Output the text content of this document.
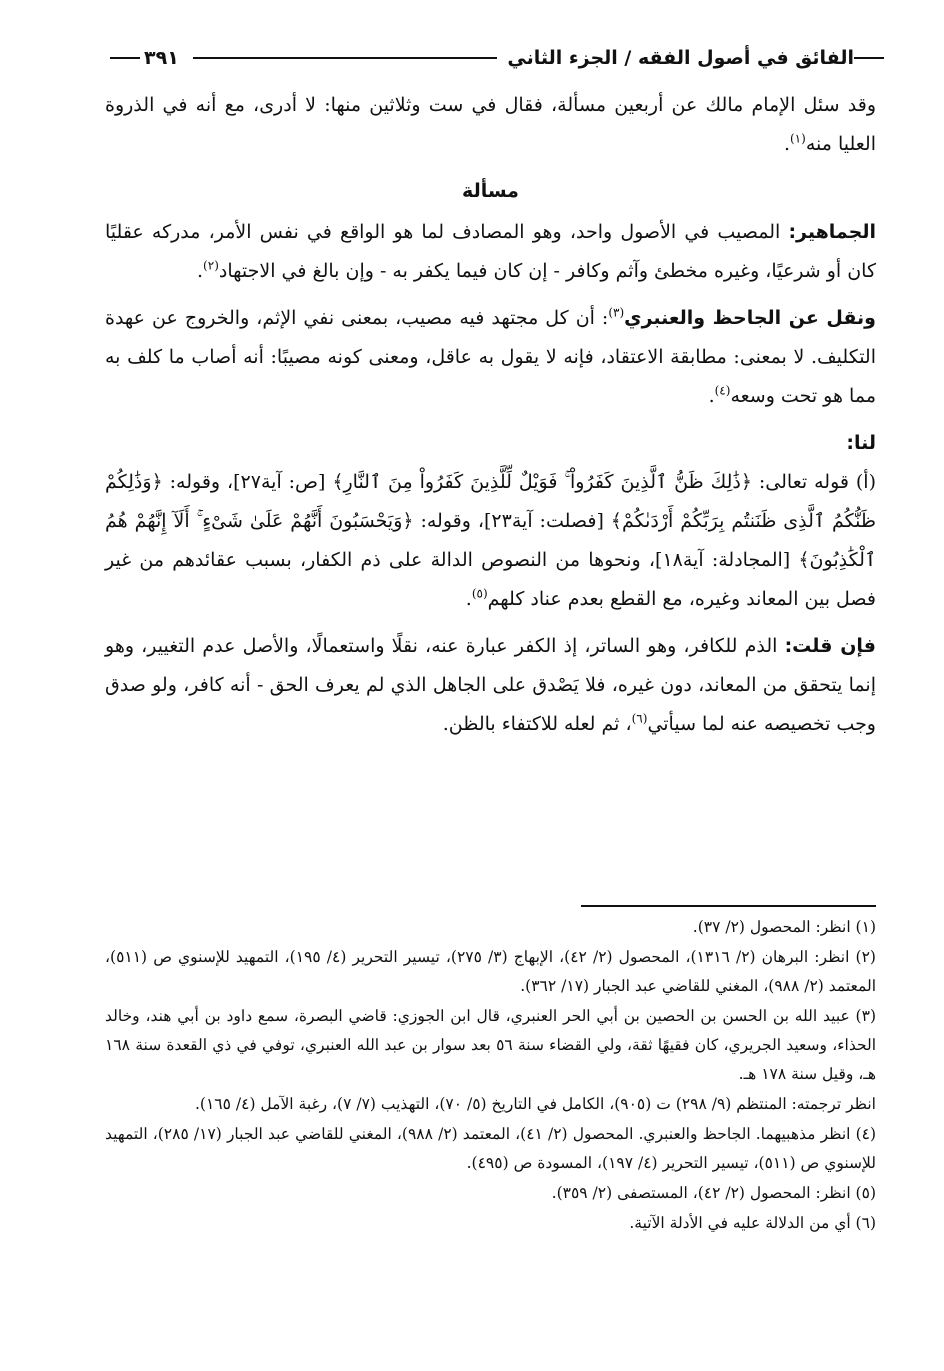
الفائق في أصول الفقه / الجزء الثاني
٣٩١

وقد سئل الإمام مالك عن أربعين مسألة، فقال في ست وثلاثين منها: لا أدرى، مع أنه في الذروة العليا منه$^{(١)}$.

مسألة

الجماهير: المصيب في الأصول واحد، وهو المصادف لما هو الواقع في نفس الأمر، مدركه عقليًا كان أو شرعيًا، وغيره مخطئ وآثم وكافر - إن كان فيما يكفر به - وإن بالغ في الاجتهاد$^{(٢)}$.

ونقل عن الجاحظ والعنبري$^{(٣)}$: أن كل مجتهد فيه مصيب، بمعنى نفي الإثم، والخروج عن عهدة التكليف. لا بمعنى: مطابقة الاعتقاد، فإنه لا يقول به عاقل، ومعنى كونه مصيبًا: أنه أصاب ما كلف به مما هو تحت وسعه$^{(٤)}$.

لنا:

(أ) قوله تعالى: ﴿ذَٰلِكَ ظَنُّ ٱلَّذِينَ كَفَرُواْ ۚ فَوَيْلٌ لِّلَّذِينَ كَفَرُواْ مِنَ ٱلنَّارِ﴾ [ص: آية٢٧]، وقوله: ﴿وَذَٰلِكُمْ ظَنُّكُمُ ٱلَّذِى ظَنَنتُم بِرَبِّكُمْ أَرْدَىٰكُمْ﴾ [فصلت: آية٢٣]، وقوله: ﴿وَيَحْسَبُونَ أَنَّهُمْ عَلَىٰ شَىْءٍ ۚ أَلَآ إِنَّهُمْ هُمُ ٱلْكَٰذِبُونَ﴾ [المجادلة: آية١٨]، ونحوها من النصوص الدالة على ذم الكفار، بسبب عقائدهم من غير فصل بين المعاند وغيره، مع القطع بعدم عناد كلهم$^{(٥)}$.

فإن قلت: الذم للكافر، وهو الساتر، إذ الكفر عبارة عنه، نقلًا واستعمالًا، والأصل عدم التغيير، وهو إنما يتحقق من المعاند، دون غيره، فلا يَصْدق على الجاهل الذي لم يعرف الحق - أنه كافر، ولو صدق وجب تخصيصه عنه لما سيأتي$^{(٦)}$، ثم لعله للاكتفاء بالظن.

(١) انظر: المحصول (٢/ ٣٧).
(٢) انظر: البرهان (٢/ ١٣١٦)، المحصول (٢/ ٤٢)، الإبهاج (٣/ ٢٧٥)، تيسير التحرير (٤/ ١٩٥)، التمهيد للإسنوي ص (٥١١)، المعتمد (٢/ ٩٨٨)، المغني للقاضي عبد الجبار (١٧/ ٣٦٢).
(٣) عبيد الله بن الحسن بن الحصين بن أبي الحر العنبري، قال ابن الجوزي: قاضي البصرة، سمع داود بن أبي هند، وخالد الحذاء، وسعيد الجريري، كان فقيهًا ثقة، ولي القضاء سنة ٥٦ بعد سوار بن عبد الله العنبري، توفي في ذي القعدة سنة ١٦٨ هـ، وقيل سنة ١٧٨ هـ.
انظر ترجمته: المنتظم (٩/ ٢٩٨) ت (٩٠٥)، الكامل في التاريخ (٥/ ٧٠)، التهذيب (٧/ ٧)، رغبة الآمل (٤/ ١٦٥).
(٤) انظر مذهبيهما. الجاحظ والعنبري. المحصول (٢/ ٤١)، المعتمد (٢/ ٩٨٨)، المغني للقاضي عبد الجبار (١٧/ ٢٨٥)، التمهيد للإسنوي ص (٥١١)، تيسير التحرير (٤/ ١٩٧)، المسودة ص (٤٩٥).
(٥) انظر: المحصول (٢/ ٤٢)، المستصفى (٢/ ٣٥٩).
(٦) أي من الدلالة عليه في الأدلة الآتية.
